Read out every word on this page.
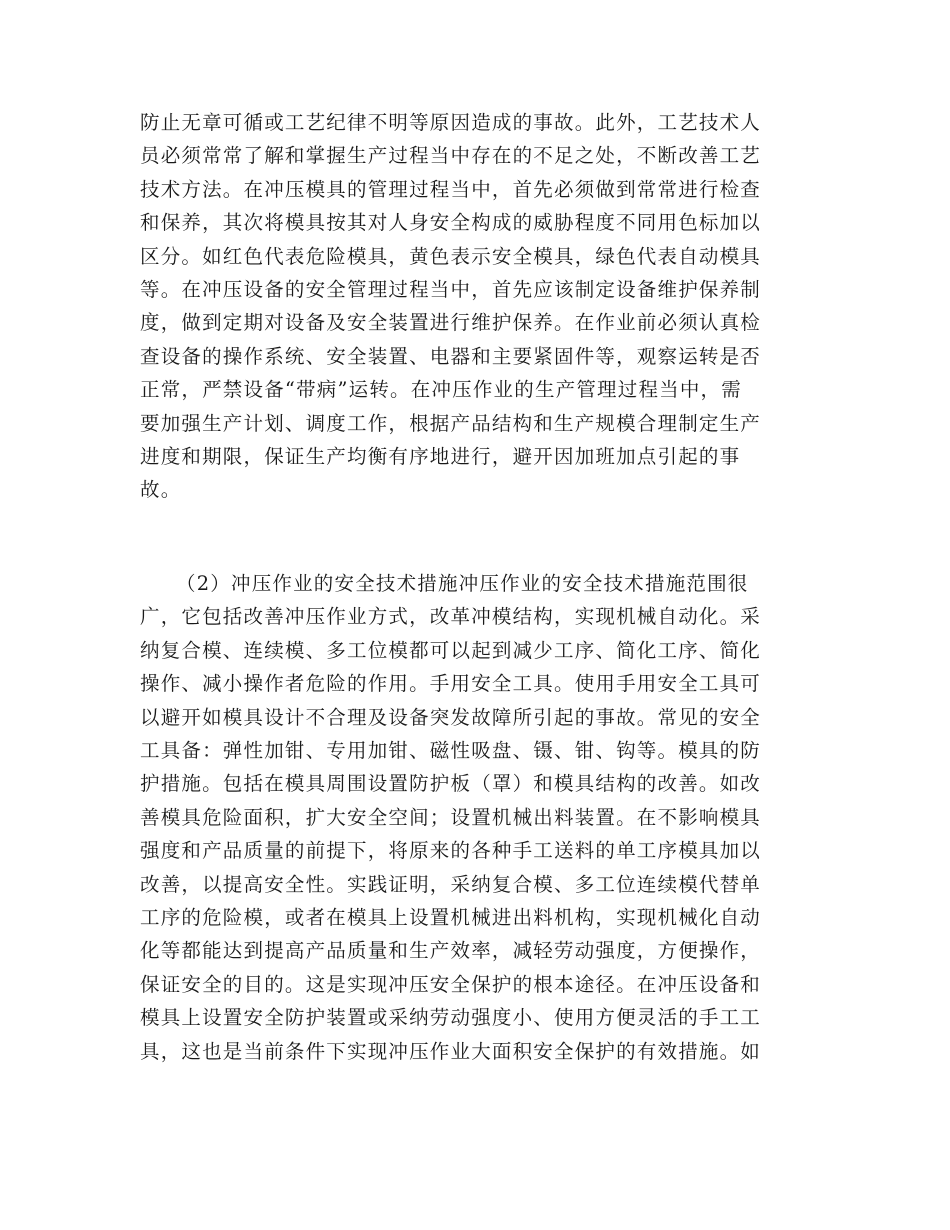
防止无章可循或工艺纪律不明等原因造成的事故。此外，工艺技术人
员必须常常了解和掌握生产过程当中存在的不足之处，不断改善工艺
技术方法。在冲压模具的管理过程当中，首先必须做到常常进行检查
和保养，其次将模具按其对人身安全构成的威胁程度不同用色标加以
区分。如红色代表危险模具，黄色表示安全模具，绿色代表自动模具
等。在冲压设备的安全管理过程当中，首先应该制定设备维护保养制
度，做到定期对设备及安全装置进行维护保养。在作业前必须认真检
查设备的操作系统、安全装置、电器和主要紧固件等，观察运转是否
正常，严禁设备“带病”运转。在冲压作业的生产管理过程当中，需
要加强生产计划、调度工作，根据产品结构和生产规模合理制定生产
进度和期限，保证生产均衡有序地进行，避开因加班加点引起的事
故。
（2）冲压作业的安全技术措施冲压作业的安全技术措施范围很
广，它包括改善冲压作业方式，改革冲模结构，实现机械自动化。采
纳复合模、连续模、多工位模都可以起到减少工序、简化工序、简化
操作、减小操作者危险的作用。手用安全工具。使用手用安全工具可
以避开如模具设计不合理及设备突发故障所引起的事故。常见的安全
工具备：弹性加钳、专用加钳、磁性吸盘、镊、钳、钩等。模具的防
护措施。包括在模具周围设置防护板（罩）和模具结构的改善。如改
善模具危险面积，扩大安全空间；设置机械出料装置。在不影响模具
强度和产品质量的前提下，将原来的各种手工送料的单工序模具加以
改善，以提高安全性。实践证明，采纳复合模、多工位连续模代替单
工序的危险模，或者在模具上设置机械进出料机构，实现机械化自动
化等都能达到提高产品质量和生产效率，减轻劳动强度，方便操作，
保证安全的目的。这是实现冲压安全保护的根本途径。在冲压设备和
模具上设置安全防护装置或采纳劳动强度小、使用方便灵活的手工工
具，这也是当前条件下实现冲压作业大面积安全保护的有效措施。如
